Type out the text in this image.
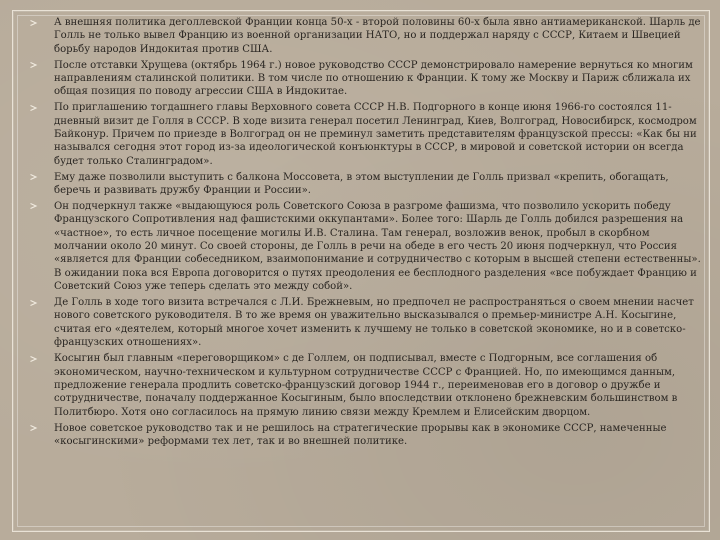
А внешняя политика деголлевской Франции конца 50-х - второй половины 60-х была явно антиамериканской. Шарль де Голль не только вывел Францию из военной организации НАТО, но и поддержал наряду с СССР, Китаем и Швецией борьбу народов Индокитая против США.
После отставки Хрущева (октябрь 1964 г.) новое руководство СССР демонстрировало намерение вернуться ко многим направлениям сталинской политики. В том числе по отношению к Франции. К тому же Москву и Париж сближала их общая позиция по поводу агрессии США в Индокитае.
По приглашению тогдашнего главы Верховного совета СССР Н.В. Подгорного в конце июня 1966-го состоялся 11-дневный визит де Голля в СССР. В ходе визита генерал посетил Ленинград, Киев, Волгоград, Новосибирск, космодром Байконур. Причем по приезде в Волгоград он не преминул заметить представителям французской прессы: «Как бы ни назывался сегодня этот город из-за идеологической конъюнктуры в СССР, в мировой и советской истории он всегда будет только Сталинградом».
Ему даже позволили выступить с балкона Моссовета, в этом выступлении де Голль призвал «крепить, обогащать, беречь и развивать дружбу Франции и России».
Он подчеркнул также «выдающуюся роль Советского Союза в разгроме фашизма, что позволило ускорить победу Французского Сопротивления над фашистскими оккупантами». Более того: Шарль де Голль добился разрешения на «частное», то есть личное посещение могилы И.В. Сталина. Там генерал, возложив венок, пробыл в скорбном молчании около 20 минут. Со своей стороны, де Голль в речи на обеде в его честь 20 июня подчеркнул, что Россия «является для Франции собеседником, взаимопонимание и сотрудничество с которым в высшей степени естественны». В ожидании пока вся Европа договорится о путях преодоления ее бесплодного разделения «все побуждает Францию и Советский Союз уже теперь сделать это между собой».
Де Голль в ходе того визита встречался с Л.И. Брежневым, но предпочел не распространяться о своем мнении насчет нового советского руководителя. В то же время он уважительно высказывался о премьер-министре А.Н. Косыгине, считая его «деятелем, который многое хочет изменить к лучшему не только в советской экономике, но и в советско-французских отношениях».
Косыгин был главным «переговорщиком» с де Голлем, он подписывал, вместе с Подгорным, все соглашения об экономическом, научно-техническом и культурном сотрудничестве СССР с Францией. Но, по имеющимся данным, предложение генерала продлить советско-французский договор 1944 г., переименовав его в договор о дружбе и сотрудничестве, поначалу поддержанное Косыгиным, было впоследствии отклонено брежневским большинством в Политбюро. Хотя оно согласилось на прямую линию связи между Кремлем и Елисейским дворцом.
Новое советское руководство так и не решилось на стратегические прорывы как в экономике СССР, намеченные «косыгинскими» реформами тех лет, так и во внешней политике.
